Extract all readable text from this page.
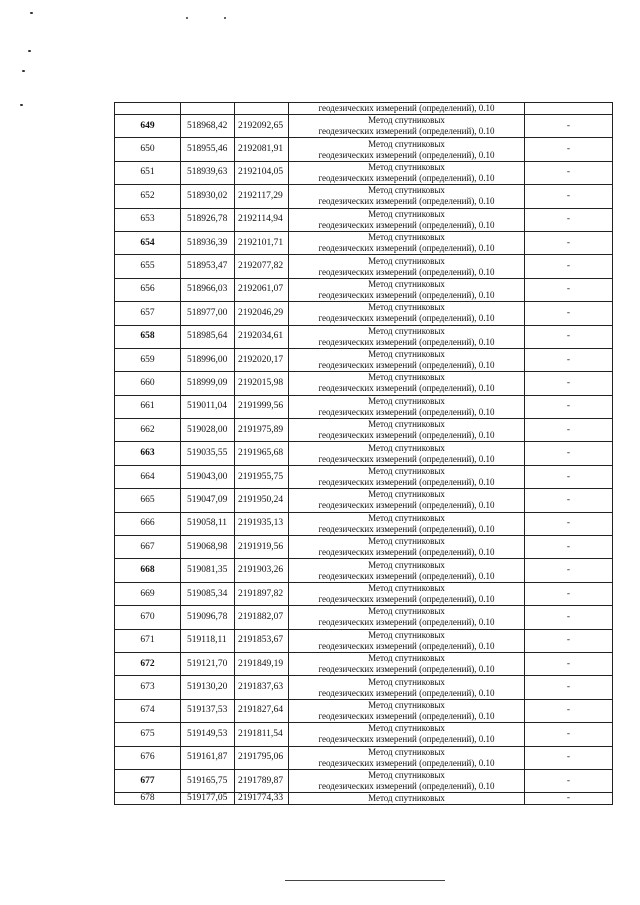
			геодезических измерений (определений), 0.10	
649	518968,42	2192092,65	Метод спутниковых
геодезических измерений (определений), 0.10	-
650	518955,46	2192081,91	Метод спутниковых
геодезических измерений (определений), 0.10	-
651	518939,63	2192104,05	Метод спутниковых
геодезических измерений (определений), 0.10	-
652	518930,02	2192117,29	Метод спутниковых
геодезических измерений (определений), 0.10	-
653	518926,78	2192114,94	Метод спутниковых
геодезических измерений (определений), 0.10	-
654	518936,39	2192101,71	Метод спутниковых
геодезических измерений (определений), 0.10	-
655	518953,47	2192077,82	Метод спутниковых
геодезических измерений (определений), 0.10	-
656	518966,03	2192061,07	Метод спутниковых
геодезических измерений (определений), 0.10	-
657	518977,00	2192046,29	Метод спутниковых
геодезических измерений (определений), 0.10	-
658	518985,64	2192034,61	Метод спутниковых
геодезических измерений (определений), 0.10	-
659	518996,00	2192020,17	Метод спутниковых
геодезических измерений (определений), 0.10	-
660	518999,09	2192015,98	Метод спутниковых
геодезических измерений (определений), 0.10	-
661	519011,04	2191999,56	Метод спутниковых
геодезических измерений (определений), 0.10	-
662	519028,00	2191975,89	Метод спутниковых
геодезических измерений (определений), 0.10	-
663	519035,55	2191965,68	Метод спутниковых
геодезических измерений (определений), 0.10	-
664	519043,00	2191955,75	Метод спутниковых
геодезических измерений (определений), 0.10	-
665	519047,09	2191950,24	Метод спутниковых
геодезических измерений (определений), 0.10	-
666	519058,11	2191935,13	Метод спутниковых
геодезических измерений (определений), 0.10	-
667	519068,98	2191919,56	Метод спутниковых
геодезических измерений (определений), 0.10	-
668	519081,35	2191903,26	Метод спутниковых
геодезических измерений (определений), 0.10	-
669	519085,34	2191897,82	Метод спутниковых
геодезических измерений (определений), 0.10	-
670	519096,78	2191882,07	Метод спутниковых
геодезических измерений (определений), 0.10	-
671	519118,11	2191853,67	Метод спутниковых
геодезических измерений (определений), 0.10	-
672	519121,70	2191849,19	Метод спутниковых
геодезических измерений (определений), 0.10	-
673	519130,20	2191837,63	Метод спутниковых
геодезических измерений (определений), 0.10	-
674	519137,53	2191827,64	Метод спутниковых
геодезических измерений (определений), 0.10	-
675	519149,53	2191811,54	Метод спутниковых
геодезических измерений (определений), 0.10	-
676	519161,87	2191795,06	Метод спутниковых
геодезических измерений (определений), 0.10	-
677	519165,75	2191789,87	Метод спутниковых
геодезических измерений (определений), 0.10	-
678	519177,05	2191774,33	Метод спутниковых	-
